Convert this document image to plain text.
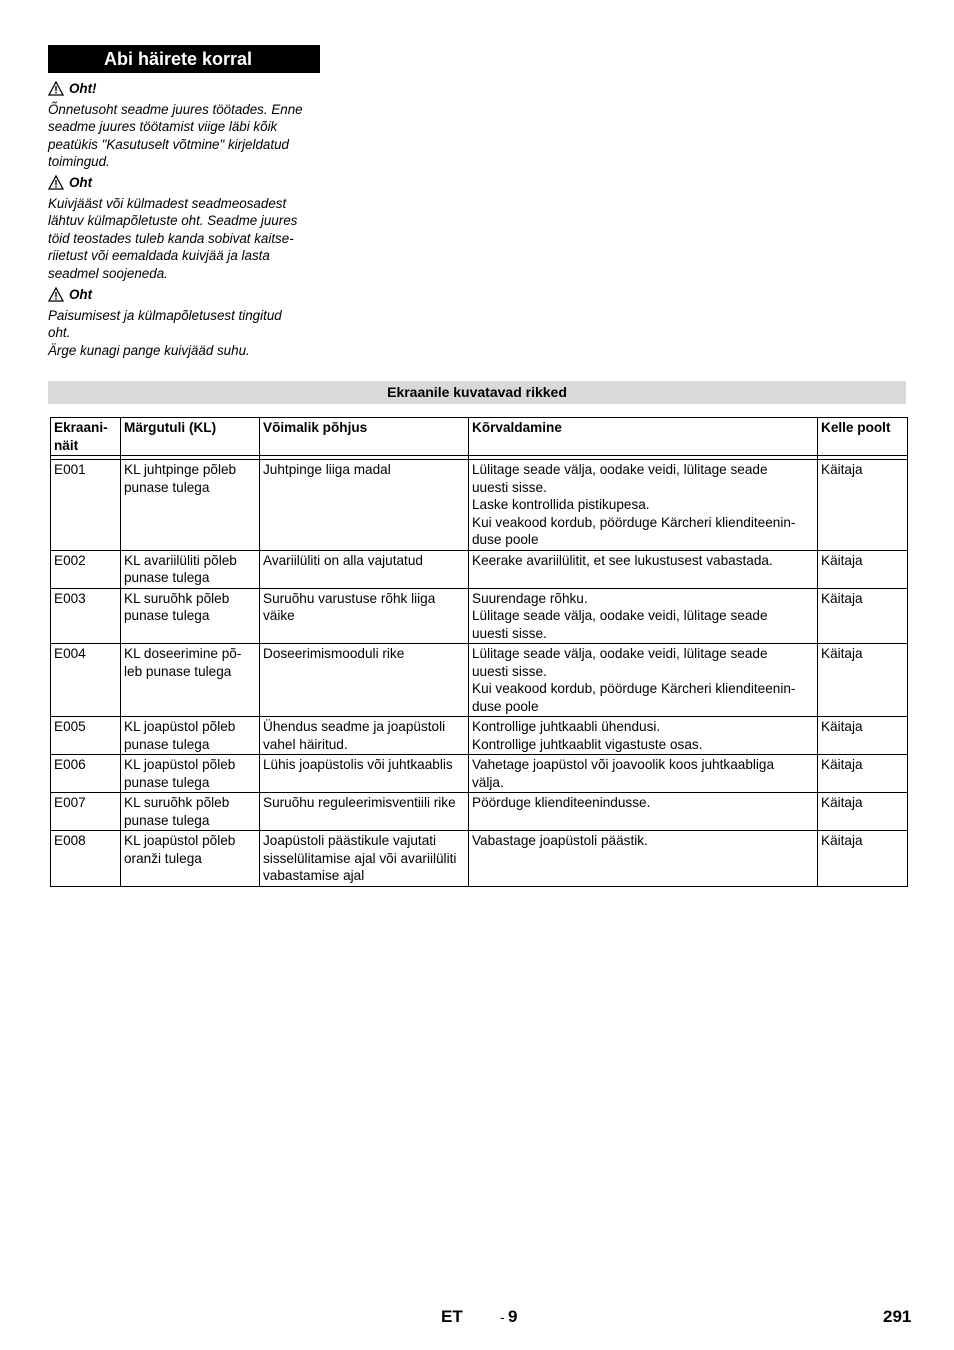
Abi häirete korral
Oht!
Õnnetusoht seadme juures töötades. Enne
seadme juures töötamist viige läbi kõik
peatükis "Kasutuselt võtmine" kirjeldatud
toimingud.
Oht
Kuivjääst või külmadest seadmeosadest
lähtuv külmapõletuste oht. Seadme juures
töid teostades tuleb kanda sobivat kaitse-
riietust või eemaldada kuivjää ja lasta
seadmel soojeneda.
Oht
Paisumisest ja külmapõletusest tingitud
oht.
Ärge kunagi pange kuivjääd suhu.
Ekraanile kuvatavad rikked
Ekraani-
näit	Märgutuli (KL)	Võimalik põhjus	Kõrvaldamine	Kelle poolt

E001	KL juhtpinge põleb
punase tulega	Juhtpinge liiga madal	Lülitage seade välja, oodake veidi, lülitage seade
uuesti sisse.
Laske kontrollida pistikupesa.
Kui veakood kordub, pöörduge Kärcheri klienditeenin-
duse poole	Käitaja
E002	KL avariilüliti põleb
punase tulega	Avariilüliti on alla vajutatud	Keerake avariilülitit, et see lukustusest vabastada.	Käitaja
E003	KL suruõhk põleb
punase tulega	Suruõhu varustuse rõhk liiga
väike	Suurendage rõhku.
Lülitage seade välja, oodake veidi, lülitage seade
uuesti sisse.	Käitaja
E004	KL doseerimine põ-
leb punase tulega	Doseerimismooduli rike	Lülitage seade välja, oodake veidi, lülitage seade
uuesti sisse.
Kui veakood kordub, pöörduge Kärcheri klienditeenin-
duse poole	Käitaja
E005	KL joapüstol põleb
punase tulega	Ühendus seadme ja joapüstoli
vahel häiritud.	Kontrollige juhtkaabli ühendusi.
Kontrollige juhtkaablit vigastuste osas.	Käitaja
E006	KL joapüstol põleb
punase tulega	Lühis joapüstolis või juhtkaablis	Vahetage joapüstol või joavoolik koos juhtkaabliga
välja.	Käitaja
E007	KL suruõhk põleb
punase tulega	Suruõhu reguleerimisventiili rike	Pöörduge klienditeenindusse.	Käitaja
E008	KL joapüstol põleb
oranži tulega	Joapüstoli päästikule vajutati
sisselülitamise ajal või avariilüliti
vabastamise ajal	Vabastage joapüstoli päästik.	Käitaja
ET	- 9	291
